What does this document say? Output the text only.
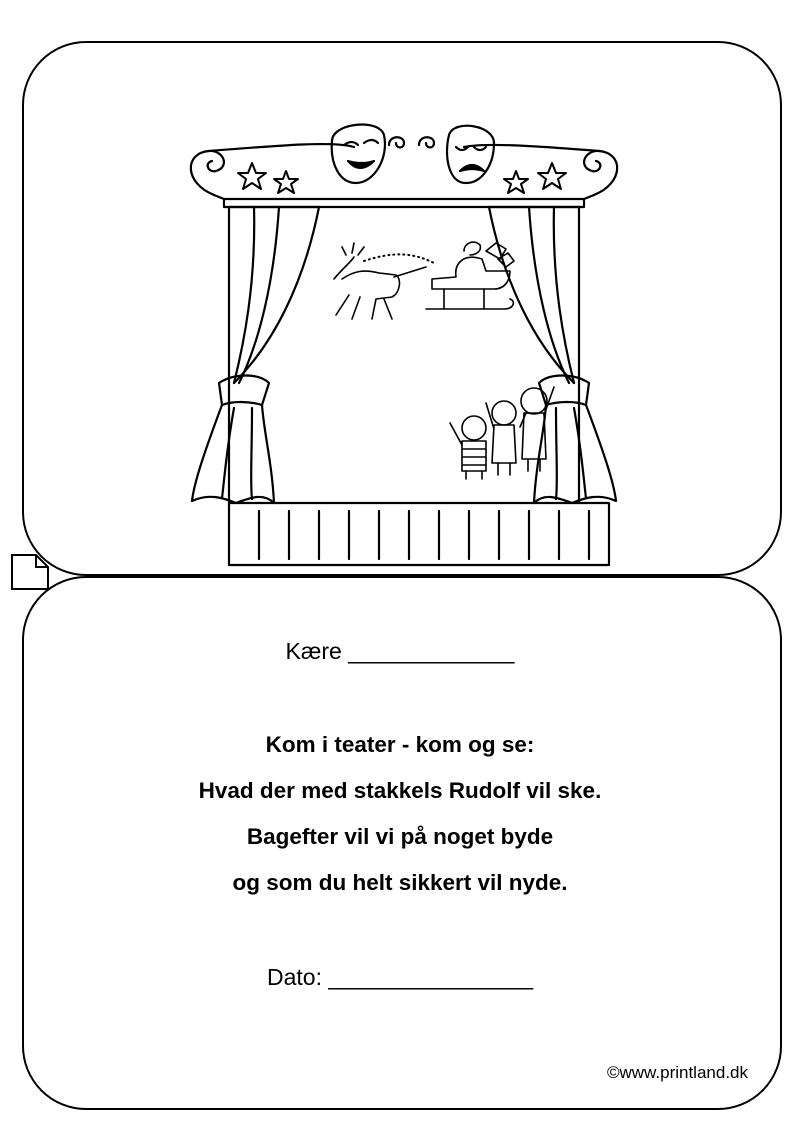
Kære _____________
Kom i teater - kom og se:
Hvad der med stakkels Rudolf vil ske.
Bagefter vil vi på noget byde
og som du helt sikkert vil nyde.
Dato: ________________
©www.printland.dk
